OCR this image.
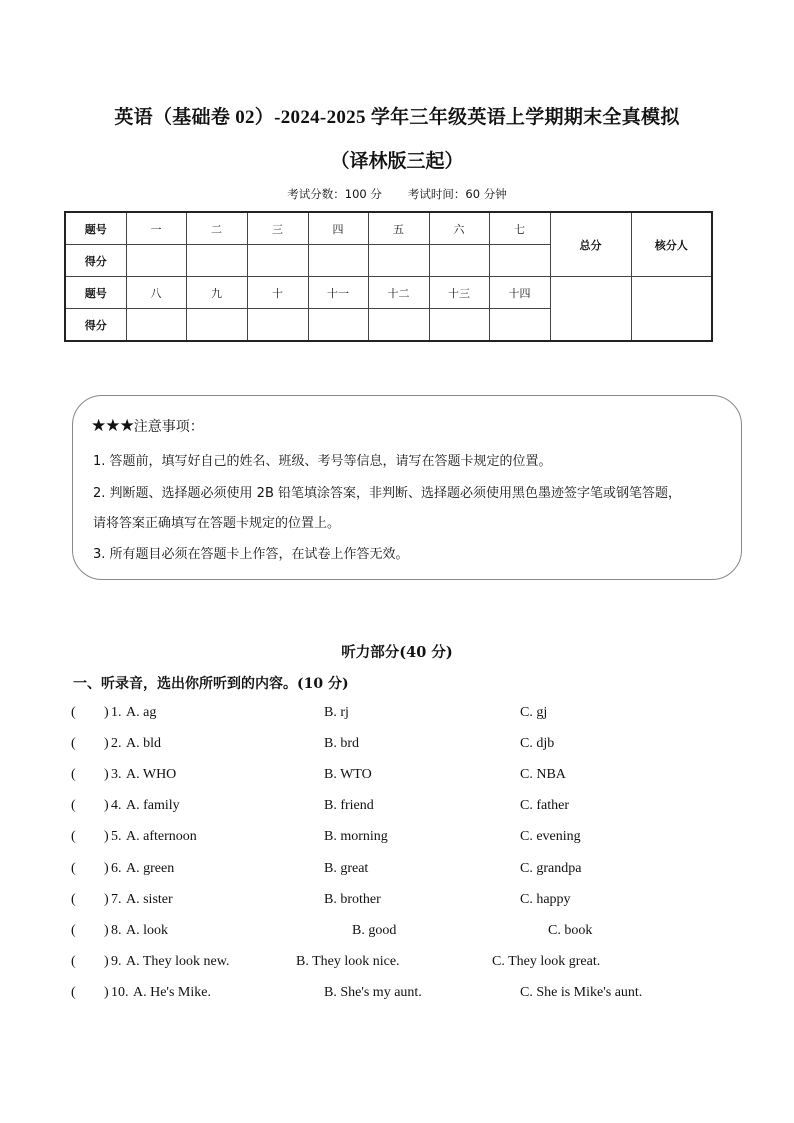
英语（基础卷 02）-2024-2025 学年三年级英语上学期期末全真模拟
（译林版三起）
考试分数：100 分 考试时间：60 分钟
题号	一	二	三	四	五	六	七	总分	核分人
得分									
题号	八	九	十	十一	十二	十三	十四		
得分									
★★★注意事项：
1. 答题前，填写好自己的姓名、班级、考号等信息，请写在答题卡规定的位置。
2. 判断题、选择题必须使用 2B 铅笔填涂答案，非判断、选择题必须使用黑色墨迹签字笔或钢笔答题，
请将答案正确填写在答题卡规定的位置上。
3. 所有题目必须在答题卡上作答，在试卷上作答无效。
听力部分(40 分)
一、听录音，选出你所听到的内容。(10 分)
( ) 1. A. ag	B. rj	C. gj
( ) 2. A. bld	B. brd	C. djb
( ) 3. A. WHO	B. WTO	C. NBA
( ) 4. A. family	B. friend	C. father
( ) 5. A. afternoon	B. morning	C. evening
( ) 6. A. green	B. great	C. grandpa
( ) 7. A. sister	B. brother	C. happy
( ) 8. A. look	B. good	C. book
( ) 9. A. They look new.	B. They look nice.	C. They look great.
( ) 10. A. He's Mike.	B. She's my aunt.	C. She is Mike's aunt.
